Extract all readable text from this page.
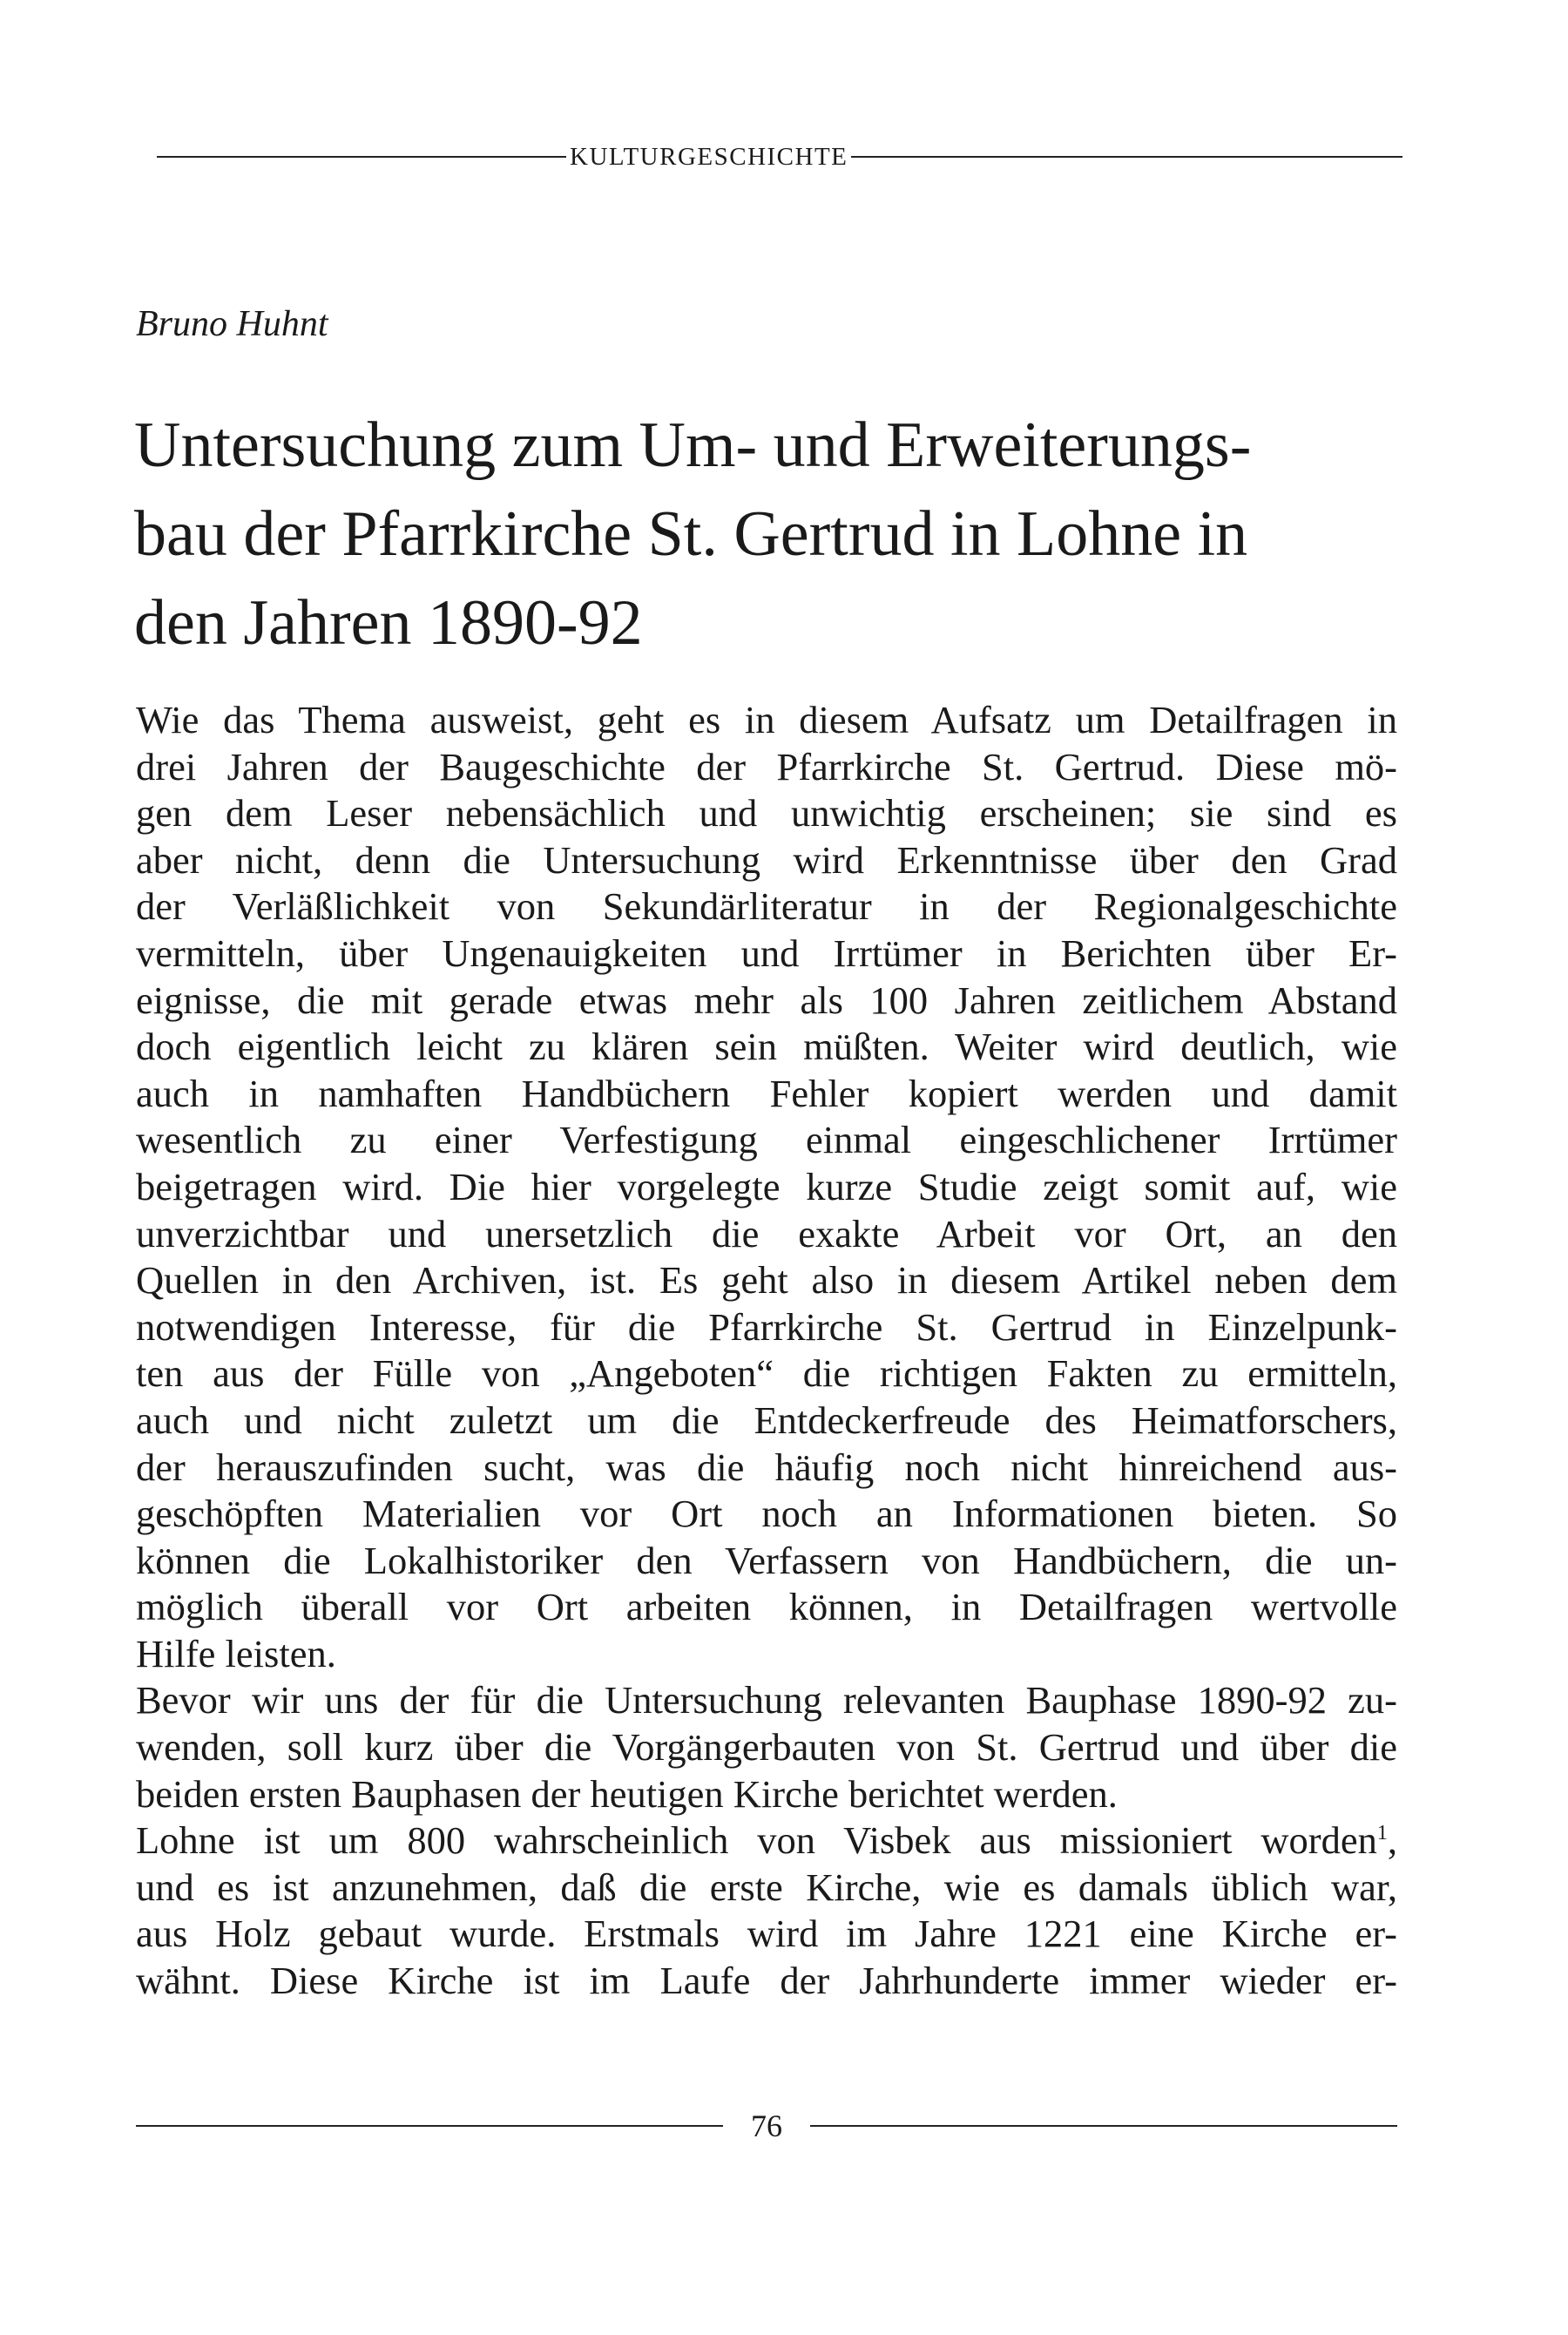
KULTURGESCHICHTE
Bruno Huhnt
Untersuchung zum Um- und Erweiterungs-
bau der Pfarrkirche St. Gertrud in Lohne in
den Jahren 1890-92
Wie das Thema ausweist, geht es in diesem Aufsatz um Detailfragen in
drei Jahren der Baugeschichte der Pfarrkirche St. Gertrud. Diese mö-
gen dem Leser nebensächlich und unwichtig erscheinen; sie sind es
aber nicht, denn die Untersuchung wird Erkenntnisse über den Grad
der Verläßlichkeit von Sekundärliteratur in der Regionalgeschichte
vermitteln, über Ungenauigkeiten und Irrtümer in Berichten über Er-
eignisse, die mit gerade etwas mehr als 100 Jahren zeitlichem Abstand
doch eigentlich leicht zu klären sein müßten. Weiter wird deutlich, wie
auch in namhaften Handbüchern Fehler kopiert werden und damit
wesentlich zu einer Verfestigung einmal eingeschlichener Irrtümer
beigetragen wird. Die hier vorgelegte kurze Studie zeigt somit auf, wie
unverzichtbar und unersetzlich die exakte Arbeit vor Ort, an den
Quellen in den Archiven, ist. Es geht also in diesem Artikel neben dem
notwendigen Interesse, für die Pfarrkirche St. Gertrud in Einzelpunk-
ten aus der Fülle von „Angeboten“ die richtigen Fakten zu ermitteln,
auch und nicht zuletzt um die Entdeckerfreude des Heimatforschers,
der herauszufinden sucht, was die häufig noch nicht hinreichend aus-
geschöpften Materialien vor Ort noch an Informationen bieten. So
können die Lokalhistoriker den Verfassern von Handbüchern, die un-
möglich überall vor Ort arbeiten können, in Detailfragen wertvolle
Hilfe leisten.
Bevor wir uns der für die Untersuchung relevanten Bauphase 1890-92 zu-
wenden, soll kurz über die Vorgängerbauten von St. Gertrud und über die
beiden ersten Bauphasen der heutigen Kirche berichtet werden.
Lohne ist um 800 wahrscheinlich von Visbek aus missioniert worden$^1$,
und es ist anzunehmen, daß die erste Kirche, wie es damals üblich war,
aus Holz gebaut wurde. Erstmals wird im Jahre 1221 eine Kirche er-
wähnt. Diese Kirche ist im Laufe der Jahrhunderte immer wieder er-
76
